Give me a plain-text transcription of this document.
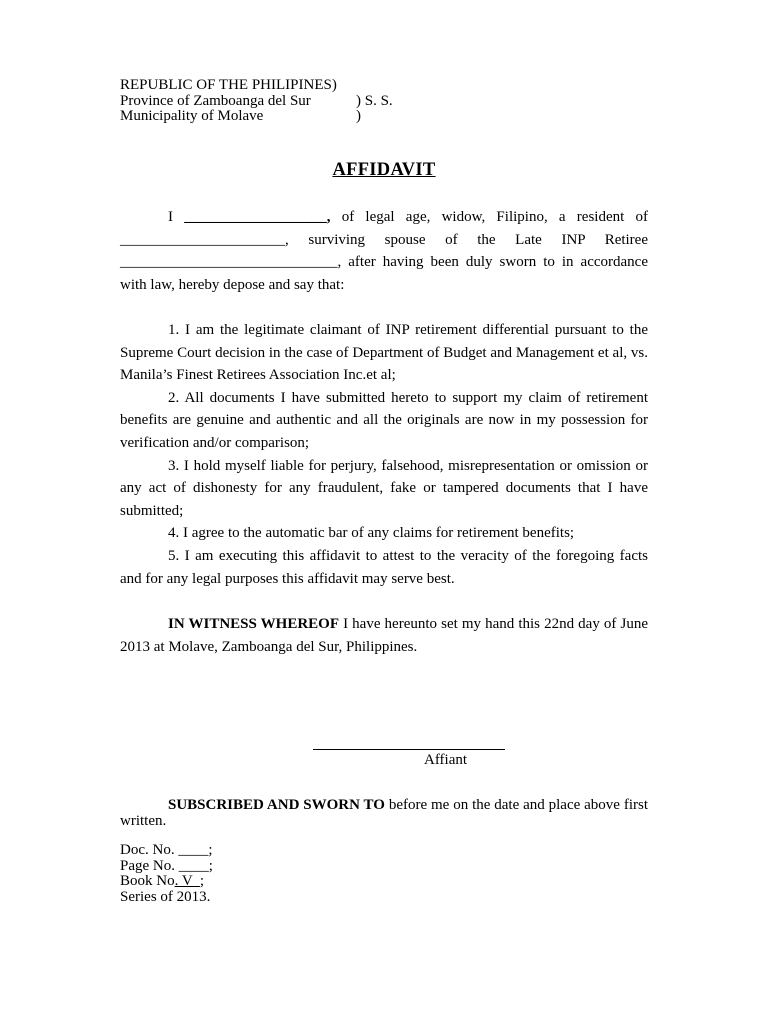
REPUBLIC OF THE PHILIPINES)
Province of Zamboanga del Sur	) S. S.
Municipality of Molave	)
AFFIDAVIT

I ___________________, of legal age, widow, Filipino, a resident of ______________________, surviving spouse of the Late INP Retiree _____________________________, after having been duly sworn to in accordance with law, hereby depose and say that:

1. I am the legitimate claimant of INP retirement differential pursuant to the Supreme Court decision in the case of Department of Budget and Management et al, vs. Manila’s Finest Retirees Association Inc.et al;

2. All documents I have submitted hereto to support my claim of retirement benefits are genuine and authentic and all the originals are now in my possession for verification and/or comparison;

3. I hold myself liable for perjury, falsehood, misrepresentation or omission or any act of dishonesty for any fraudulent, fake or tampered documents that I have submitted;

4. I agree to the automatic bar of any claims for retirement benefits;

5. I am executing this affidavit to attest to the veracity of the foregoing facts and for any legal purposes this affidavit may serve best.

IN WITNESS WHEREOF I have hereunto set my hand this 22nd day of June 2013 at Molave, Zamboanga del Sur, Philippines.

Affiant

SUBSCRIBED AND SWORN TO before me on the date and place above first written.

Doc. No. ____;
Page No. ____;
Book No. V  ;
Series of 2013.
